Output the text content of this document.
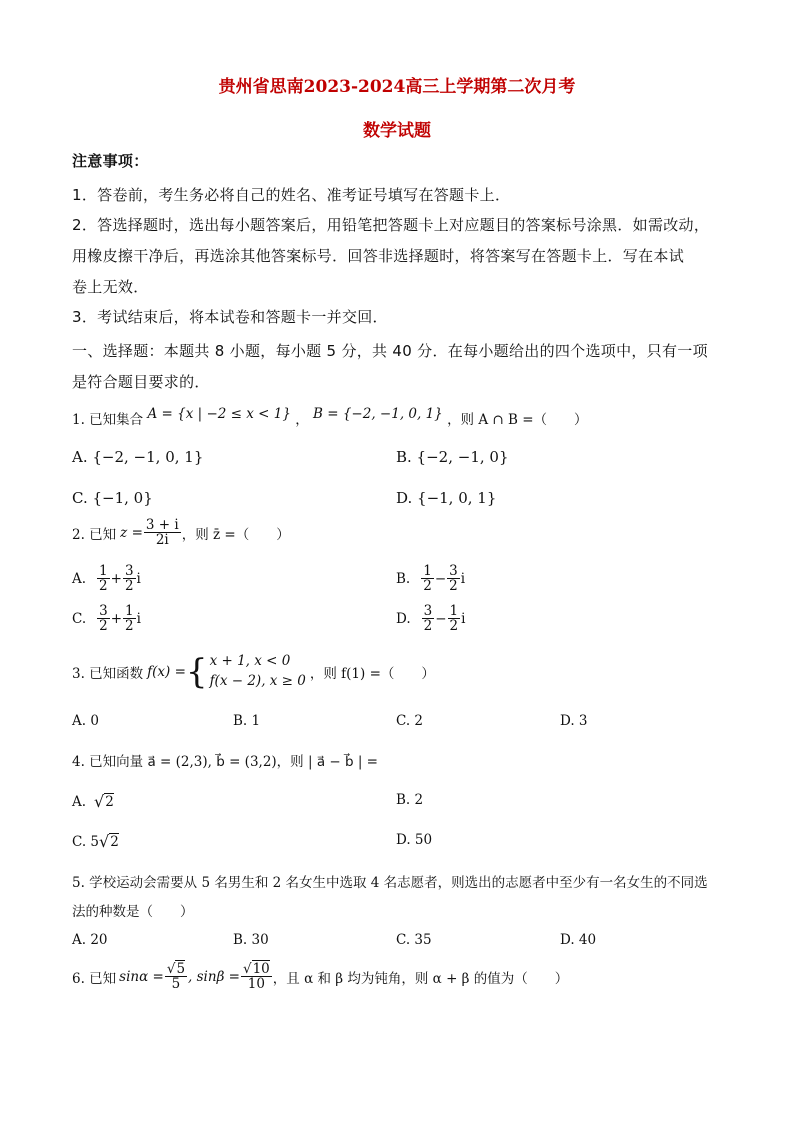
贵州省思南2023-2024高三上学期第二次月考
数学试题
注意事项：
1．答卷前，考生务必将自己的姓名、准考证号填写在答题卡上．
2．答选择题时，选出每小题答案后，用铅笔把答题卡上对应题目的答案标号涂黑．如需改动，
用橡皮擦干净后，再选涂其他答案标号．回答非选择题时，将答案写在答题卡上．写在本试
卷上无效．
3．考试结束后，将本试卷和答题卡一并交回．
一、选择题：本题共 8 小题，每小题 5 分，共 40 分．在每小题给出的四个选项中，只有一项
是符合题目要求的．
1. 已知集合 A = {x | −2 ≤ x < 1} ， B = {−2, −1, 0, 1} ，则 A ∩ B =（　　）
A. {−2, −1, 0, 1}	B. {−2, −1, 0}
C. {−1, 0}	D. {−1, 0, 1}
2. 已知 $z = \frac{3 + i}{2i}$ ，则 z̄ =（　　）
A. $\frac{1}{2} + \frac{3}{2}$ i	B. $\frac{1}{2} - \frac{3}{2}$ i
C. $\frac{3}{2} + \frac{1}{2}$ i	D. $\frac{3}{2} - \frac{1}{2}$ i
3. 已知函数 f(x) = { x + 1, x < 0
f(x − 2), x ≥ 0 ，则 f(1) =（　　）
A. 0	B. 1	C. 2	D. 3
4. 已知向量 a⃗ = (2,3), b⃗ = (3,2)，则 | a⃗ − b⃗ | =
A. √ 2	B. 2
C. 5 √ 2	D. 50
5. 学校运动会需要从 5 名男生和 2 名女生中选取 4 名志愿者，则选出的志愿者中至少有一名女生的不同选
法的种数是（　　）
A. 20	B. 30	C. 35	D. 40
6. 已知 $\sin\alpha = \frac{√5}{5}$ , $\sin\beta = \frac{√10}{10}$ ，且 α 和 β 均为钝角，则 α + β 的值为（　　）
